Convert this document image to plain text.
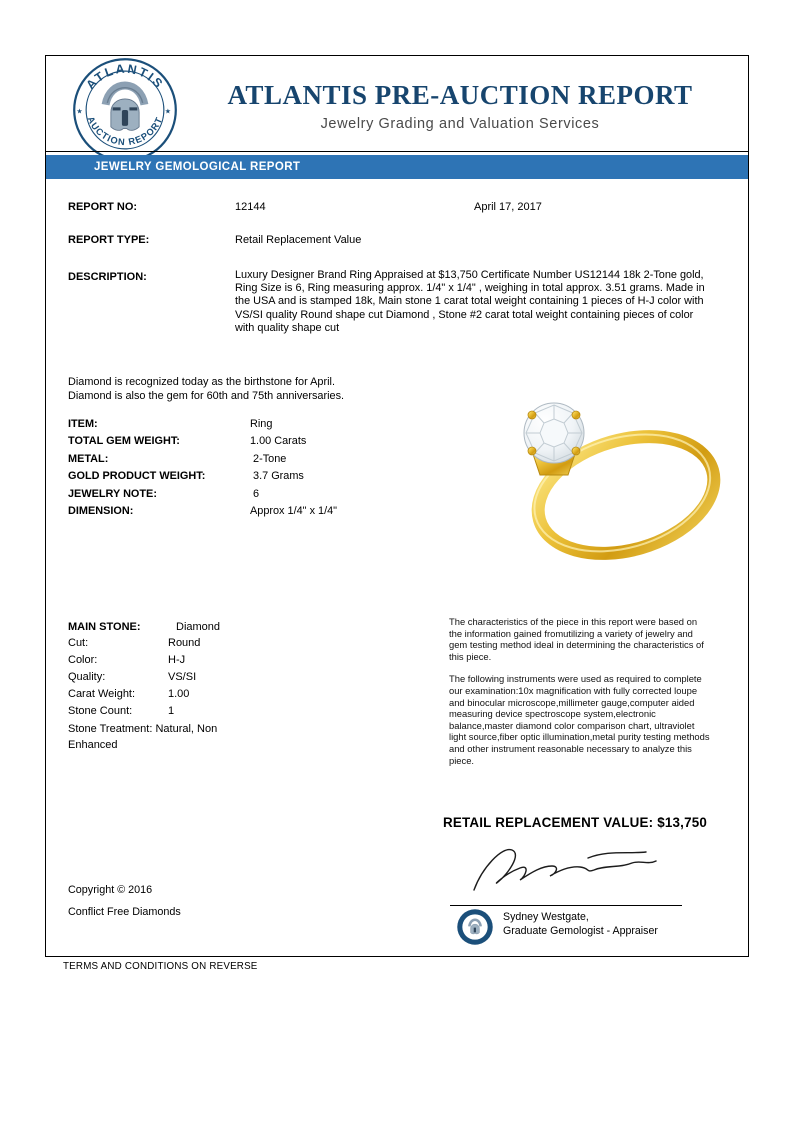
ATLANTIS
AUCTION REPORT
★	★
ATLANTIS PRE-AUCTION REPORT
Jewelry Grading and Valuation Services
JEWELRY GEMOLOGICAL REPORT
REPORT NO:	12144	April 17, 2017
REPORT TYPE:	Retail Replacement Value
DESCRIPTION:	Luxury Designer Brand Ring Appraised at $13,750 Certificate Number US12144 18k 2-Tone gold, Ring Size is 6, Ring measuring approx. 1/4" x 1/4" , weighing in total approx. 3.51 grams. Made in the USA and is stamped 18k, Main stone 1 carat total weight containing 1 pieces of H-J color with VS/SI quality Round shape cut Diamond , Stone #2 carat total weight containing pieces of color with quality shape cut
Diamond is recognized today as the birthstone for April.
Diamond is also the gem for 60th and 75th anniversaries.
ITEM:	Ring
TOTAL GEM WEIGHT:	1.00 Carats
METAL:	2-Tone
GOLD PRODUCT WEIGHT:	3.7 Grams
JEWELRY NOTE:	6
DIMENSION:	Approx 1/4" x 1/4"
MAIN STONE:	Diamond
Cut:	Round
Color:	H-J
Quality:	VS/SI
Carat Weight:	1.00
Stone Count:	1
Stone Treatment: Natural, Non Enhanced

The characteristics of the piece in this report were based on the information gained fromutilizing a variety of jewelry and gem testing method ideal in determining the characteristics of this piece.

The following instruments were used as required to complete our examination:10x magnification with fully corrected loupe and binocular microscope,millimeter gauge,computer aided measuring device spectroscope system,electronic balance,master diamond color comparison chart, ultraviolet light source,fiber optic illumination,metal purity testing methods and other instrument reasonable necessary to analyze this piece.

RETAIL REPLACEMENT VALUE: $13,750
Sydney Westgate,
Graduate Gemologist - Appraiser
Copyright © 2016
Conflict Free Diamonds
TERMS AND CONDITIONS ON REVERSE
